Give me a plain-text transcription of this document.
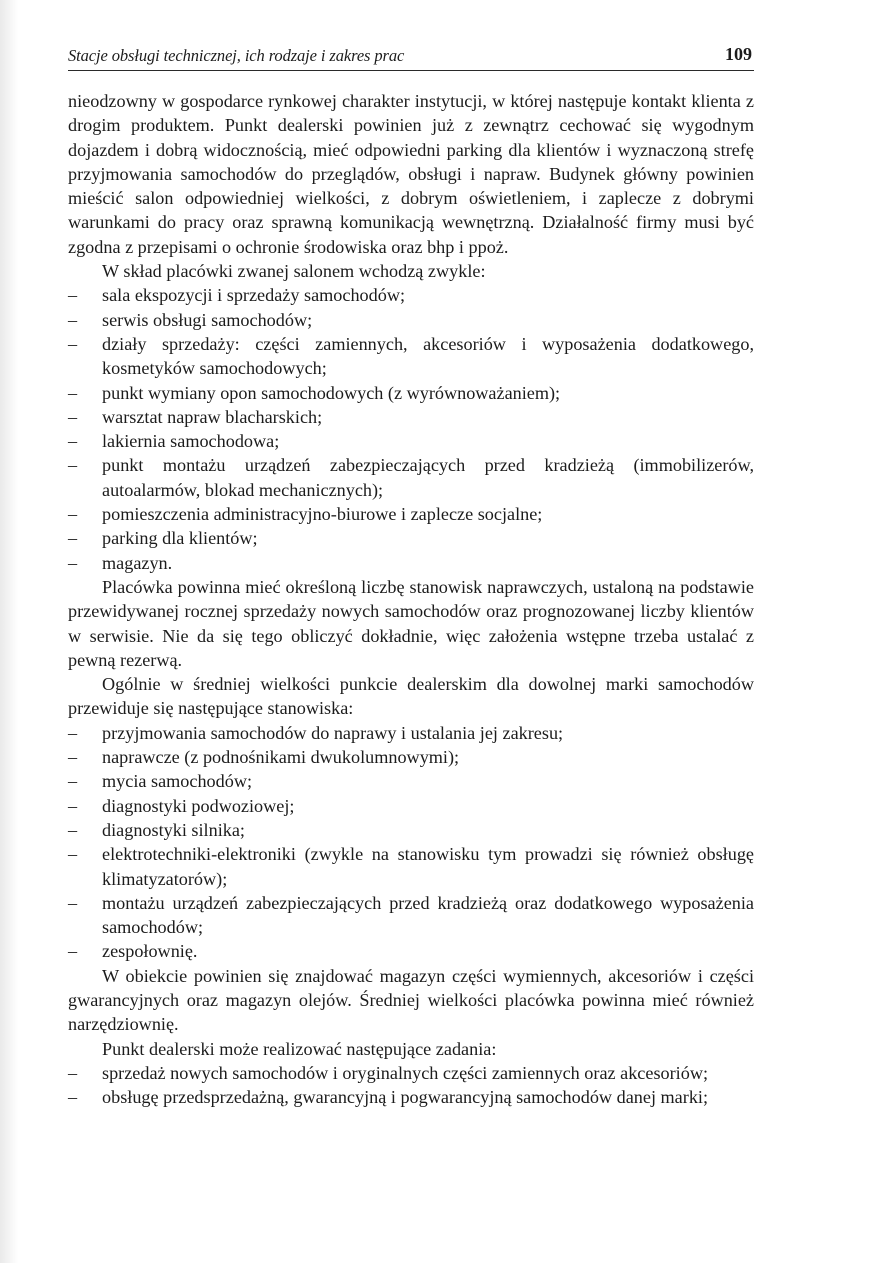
Stacje obsługi technicznej, ich rodzaje i zakres prac	109

nieodzowny w gospodarce rynkowej charakter instytucji, w której następuje kontakt klienta z drogim produktem. Punkt dealerski powinien już z zewnątrz cechować się wygodnym dojazdem i dobrą widocznością, mieć odpowiedni parking dla klientów i wyznaczoną strefę przyjmowania samochodów do przeglądów, obsługi i napraw. Budynek główny powinien mieścić salon odpowiedniej wielkości, z dobrym oświetleniem, i zaplecze z dobrymi warunkami do pracy oraz sprawną komunikacją wewnętrzną. Działalność firmy musi być zgodna z przepisami o ochronie środowiska oraz bhp i ppoż.

W skład placówki zwanej salonem wchodzą zwykle:

– sala ekspozycji i sprzedaży samochodów;
– serwis obsługi samochodów;
– działy sprzedaży: części zamiennych, akcesoriów i wyposażenia dodatkowego, kosmetyków samochodowych;
– punkt wymiany opon samochodowych (z wyrównoważaniem);
– warsztat napraw blacharskich;
– lakiernia samochodowa;
– punkt montażu urządzeń zabezpieczających przed kradzieżą (immobilizerów, autoalarmów, blokad mechanicznych);
– pomieszczenia administracyjno-biurowe i zaplecze socjalne;
– parking dla klientów;
– magazyn.

Placówka powinna mieć określoną liczbę stanowisk naprawczych, ustaloną na podstawie przewidywanej rocznej sprzedaży nowych samochodów oraz prognozowanej liczby klientów w serwisie. Nie da się tego obliczyć dokładnie, więc założenia wstępne trzeba ustalać z pewną rezerwą.

Ogólnie w średniej wielkości punkcie dealerskim dla dowolnej marki samochodów przewiduje się następujące stanowiska:

– przyjmowania samochodów do naprawy i ustalania jej zakresu;
– naprawcze (z podnośnikami dwukolumnowymi);
– mycia samochodów;
– diagnostyki podwoziowej;
– diagnostyki silnika;
– elektrotechniki-elektroniki (zwykle na stanowisku tym prowadzi się również obsługę klimatyzatorów);
– montażu urządzeń zabezpieczających przed kradzieżą oraz dodatkowego wyposażenia samochodów;
– zespołownię.

W obiekcie powinien się znajdować magazyn części wymiennych, akcesoriów i części gwarancyjnych oraz magazyn olejów. Średniej wielkości placówka powinna mieć również narzędziownię.

Punkt dealerski może realizować następujące zadania:

– sprzedaż nowych samochodów i oryginalnych części zamiennych oraz akcesoriów;
– obsługę przedsprzedażną, gwarancyjną i pogwarancyjną samochodów danej marki;
